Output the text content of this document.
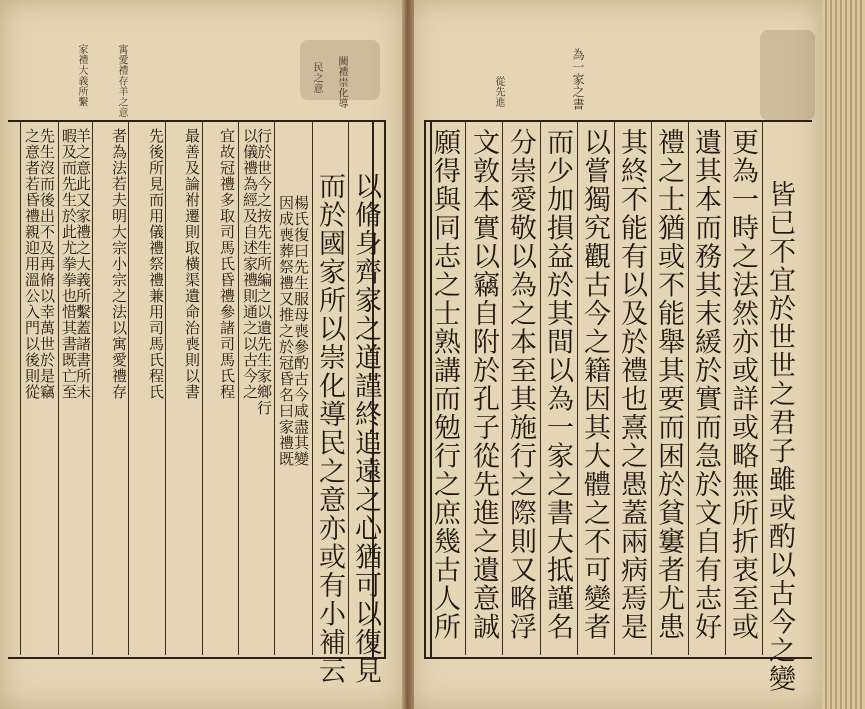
皆已不宜於世世之君子雖或酌以古今之變
更為一時之法然亦或詳或略無所折衷至或
遺其本而務其末緩於實而急於文自有志好
禮之士猶或不能舉其要而困於貧窶者尤患
其終不能有以及於禮也熹之愚蓋兩病焉是
以嘗獨究觀古今之籍因其大體之不可變者
而少加損益於其間以為一家之書大抵謹名
分崇愛敬以為之本至其施行之際則又略浮
文敦本實以竊自附於孔子從先進之遺意誠
願得與同志之士熟講而勉行之庶幾古人所
為一家之書
從先進
以脩身齊家之道謹終追遠之心猶可以復見
而於國家所以崇化導民之意亦或有小補云
楊氏復曰先生服母喪參酌古今咸盡其變
因成喪葬祭禮又推之於冠昏名曰家禮既
行於世今之按先生所編之以遺先生家鄉行
以儀禮為經及自述家禮則通之以古今之
宜故冠禮多取司馬氏昏禮參諸司馬氏程
最善及論祔遷則取橫渠遺命治喪則以書
先後所見而用儀禮祭禮兼用司馬氏程氏
者為法若夫明大宗小宗之法以寓愛禮存
羊之意此又家禮之大義所繫蓋諸書所未
暇及而先生於此尤拳拳也惜其書既亡至
先生沒而後出不及再脩以幸萬世於是竊
之意者若昏禮親迎用溫公入門以後則從
寓愛禮存羊之意
家禮大義所繫	民之意 闕禮崇化導
